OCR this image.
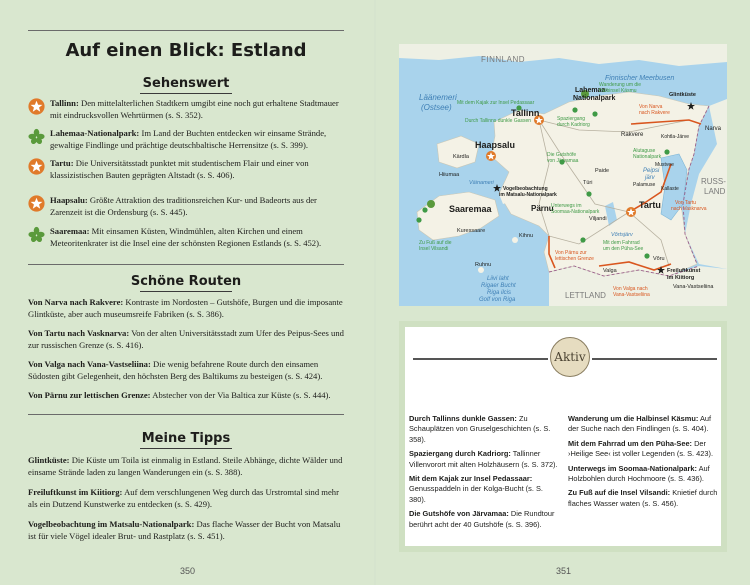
Auf einen Blick: Estland
Sehenswert
Tallinn: Den mittelalterlichen Stadtkern umgibt eine noch gut erhaltene Stadtmauer mit eindrucksvollen Wehrtürmen (s. S. 352).
Lahemaa-Nationalpark: Im Land der Buchten entdecken wir einsame Strände, gewaltige Findlinge und prächtige deutschbaltische Herrensitze (s. S. 399).
Tartu: Die Universitätsstadt punktet mit studentischem Flair und einer von klassizistischen Bauten geprägten Altstadt (s. S. 406).
Haapsalu: Größte Attraktion des traditionsreichen Kur- und Badeorts aus der Zarenzeit ist die Ordensburg (s. S. 445).
Saaremaa: Mit einsamen Küsten, Windmühlen, alten Kirchen und einem Meteoritenkrater ist die Insel eine der schönsten Regionen Estlands (s. S. 452).
Schöne Routen
Von Narva nach Rakvere: Kontraste im Nordosten – Gutshöfe, Burgen und die imposante Glintküste, aber auch museumsreife Fabriken (s. S. 386).
Von Tartu nach Vasknarva: Von der alten Universitätsstadt zum Ufer des Peipus-Sees und zur russischen Grenze (s. S. 416).
Von Valga nach Vana-Vastseliina: Die wenig befahrene Route durch den einsamen Südosten gibt Gelegenheit, den höchsten Berg des Baltikums zu besteigen (s. S. 424).
Von Pärnu zur lettischen Grenze: Abstecher von der Via Baltica zur Küste (s. S. 444).
Meine Tipps
Glintküste: Die Küste um Toila ist einmalig in Estland. Steile Abhänge, dichte Wälder und einsame Strände laden zu langen Wanderungen ein (s. S. 388).
Freiluftkunst im Kiitiorg: Auf dem verschlungenen Weg durch das Urstromtal sind mehr als ein Dutzend Kunstwerke zu entdecken (s. S. 429).
Vogelbeobachtung im Matsalu-Nationalpark: Das flache Wasser der Bucht von Matsalu ist für viele Vögel idealer Brut- und Rastplatz (s. S. 451).
350
FINNLAND
Finnischer Meerbusen
Läänemeri
(Ostsee)
RUSS-
LAND
LETTLAND
Peipsi
järv
Võrtsjärv
Väinameri
Liivi laht
Rigaer Bucht
Riga ilcis
Golf von Riga
Tallinn
Haapsalu
Tartu
Pärnu
Saaremaa
Kärdla
Hiiumaa
Kuressaare
Kihnu
Ruhnu
Rakvere
Narva
Glintküste
Kohtla-Järve
Mustvee
Kallaste
Palamuse
Võru
Valga
Vana-Vastseliina
Viljandi
Paide
Türi
Lahemaa-
Nationalpark
Freiluftkunst
im Kiitiorg
Mit dem Kajak zur Insel Pedassaar
Durch Tallinns dunkle Gassen	Spaziergang
durch Kadriorg
Wanderung um die
Halbinsel Käsmu
Die Gutshöfe
von Järvamaa
Unterwegs im
Soomaa-Nationalpark
Zu Fuß auf die
Insel Vilsandi
Mit dem Fahrrad
um den Püha-See
Alutaguse
Nationalpark
Von Narva
nach Rakvere
Von Pärnu zur
lettischen Grenze
Von Tartu
nach Vasknarva
Von Valga nach
Vana-Vastseliina
Vogelbeobachtung
im Matsalu-Nationalpark
Aktiv

Durch Tallinns dunkle Gassen: Zu Schauplätzen von Gruselgeschichten (s. S. 358).

Spaziergang durch Kadriorg: Tallinner Villenvorort mit alten Holzhäusern (s. S. 372).

Mit dem Kajak zur Insel Pedassaar: Genusspaddeln in der Kolga-Bucht (s. S. 380).

Die Gutshöfe von Järvamaa: Die Rundtour berührt acht der 40 Gutshöfe (s. S. 396).

Wanderung um die Halbinsel Käsmu: Auf der Suche nach den Findlingen (s. S. 404).

Mit dem Fahrrad um den Püha-See: Der ›Heilige See‹ ist voller Legenden (s. S. 423).

Unterwegs im Soomaa-Nationalpark: Auf Holzbohlen durch Hochmoore (s. S. 436).

Zu Fuß auf die Insel Vilsandi: Knietief durch flaches Wasser waten (s. S. 456).

351
